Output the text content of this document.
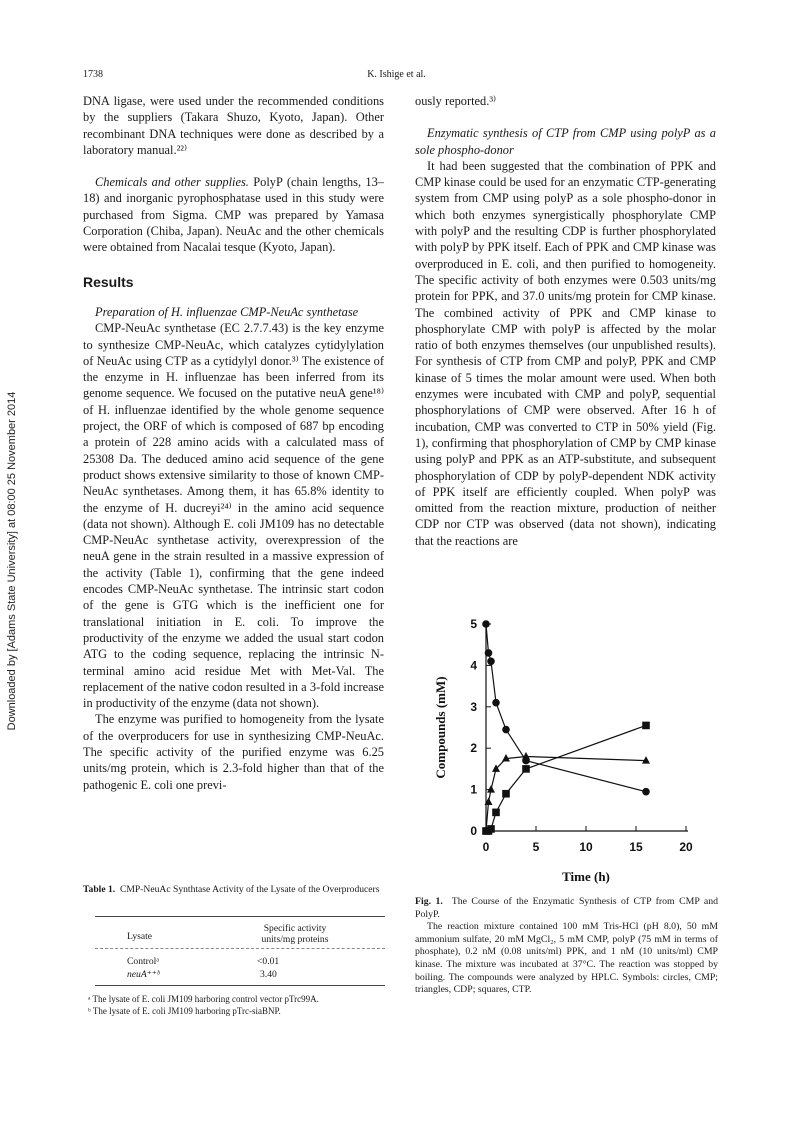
Downloaded by [Adams State University] at 08:00 25 November 2014
1738	K. Ishige et al.

DNA ligase, were used under the recommended conditions by the suppliers (Takara Shuzo, Kyoto, Japan). Other recombinant DNA techniques were done as described by a laboratory manual.²²⁾

Chemicals and other supplies. PolyP (chain lengths, 13–18) and inorganic pyrophosphatase used in this study were purchased from Sigma. CMP was prepared by Yamasa Corporation (Chiba, Japan). NeuAc and the other chemicals were obtained from Nacalai tesque (Kyoto, Japan).

Results

Preparation of H. influenzae CMP-NeuAc synthetase

CMP-NeuAc synthetase (EC 2.7.7.43) is the key enzyme to synthesize CMP-NeuAc, which catalyzes cytidylylation of NeuAc using CTP as a cytidylyl donor.³⁾ The existence of the enzyme in H. influenzae has been inferred from its genome sequence. We focused on the putative neuA gene¹⁸⁾ of H. influenzae identified by the whole genome sequence project, the ORF of which is composed of 687 bp encoding a protein of 228 amino acids with a calculated mass of 25308 Da. The deduced amino acid sequence of the gene product shows extensive similarity to those of known CMP-NeuAc synthetases. Among them, it has 65.8% identity to the enzyme of H. ducreyi²⁴⁾ in the amino acid sequence (data not shown). Although E. coli JM109 has no detectable CMP-NeuAc synthetase activity, overexpression of the neuA gene in the strain resulted in a massive expression of the activity (Table 1), confirming that the gene indeed encodes CMP-NeuAc synthetase. The intrinsic start codon of the gene is GTG which is the inefficient one for translational initiation in E. coli. To improve the productivity of the enzyme we added the usual start codon ATG to the coding sequence, replacing the intrinsic N-terminal amino acid residue Met with Met-Val. The replacement of the native codon resulted in a 3-fold increase in productivity of the enzyme (data not shown).

The enzyme was purified to homogeneity from the lysate of the overproducers for use in synthesizing CMP-NeuAc. The specific activity of the purified enzyme was 6.25 units/mg protein, which is 2.3-fold higher than that of the pathogenic E. coli one previ-

Table 1. CMP-NeuAc Synthtase Activity of the Lysate of the Overproducers
Lysate
Specific activity
units/mg proteins
Controlᵃ	<0.01
neuA⁺⁺ᵇ	3.40
ᵃ The lysate of E. coli JM109 harboring control vector pTrc99A.
ᵇ The lysate of E. coli JM109 harboring pTrc-siaBNP.

ously reported.³⁾

Enzymatic synthesis of CTP from CMP using polyP as a sole phospho-donor

It had been suggested that the combination of PPK and CMP kinase could be used for an enzymatic CTP-generating system from CMP using polyP as a sole phospho-donor in which both enzymes synergistically phosphorylate CMP with polyP and the resulting CDP is further phosphorylated with polyP by PPK itself. Each of PPK and CMP kinase was overproduced in E. coli, and then purified to homogeneity. The specific activity of both enzymes were 0.503 units/mg protein for PPK, and 37.0 units/mg protein for CMP kinase. The combined activity of PPK and CMP kinase to phosphorylate CMP with polyP is affected by the molar ratio of both enzymes themselves (our unpublished results). For synthesis of CTP from CMP and polyP, PPK and CMP kinase of 5 times the molar amount were used. When both enzymes were incubated with CMP and polyP, sequential phosphorylations of CMP were observed. After 16 h of incubation, CMP was converted to CTP in 50% yield (Fig. 1), confirming that phosphorylation of CMP by CMP kinase using polyP and PPK as an ATP-substitute, and subsequent phosphorylation of CDP by polyP-dependent NDK activity of PPK itself are efficiently coupled. When polyP was omitted from the reaction mixture, production of neither CDP nor CTP was observed (data not shown), indicating that the reactions are

0
1
2
3
4
5
0	5	10	15	20
Time (h)
Compounds (mM)

Fig. 1. The Course of the Enzymatic Synthesis of CTP from CMP and PolyP.

The reaction mixture contained 100 mM Tris-HCl (pH 8.0), 50 mM ammonium sulfate, 20 mM MgCl₂, 5 mM CMP, polyP (75 mM in terms of phosphate), 0.2 nM (0.08 units/ml) PPK, and 1 nM (10 units/ml) CMP kinase. The mixture was incubated at 37°C. The reaction was stopped by boiling. The compounds were analyzed by HPLC. Symbols: circles, CMP; triangles, CDP; squares, CTP.
